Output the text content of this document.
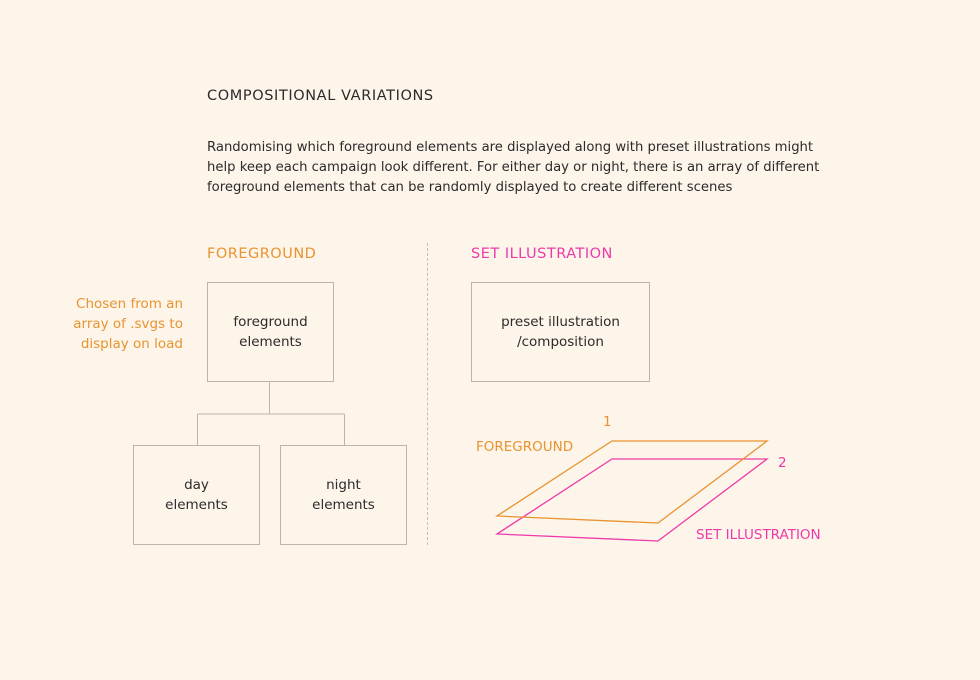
COMPOSITIONAL VARIATIONS
Randomising which foreground elements are displayed along with preset illustrations might help keep each campaign look different. For either day or night, there is an array of different foreground elements that can be randomly displayed to create different scenes
FOREGROUND	SET ILLUSTRATION
Chosen from an array of .svgs to display on load
foreground
elements
day
elements
night
elements
preset illustration
/composition
FOREGROUND
1
2
SET ILLUSTRATION
